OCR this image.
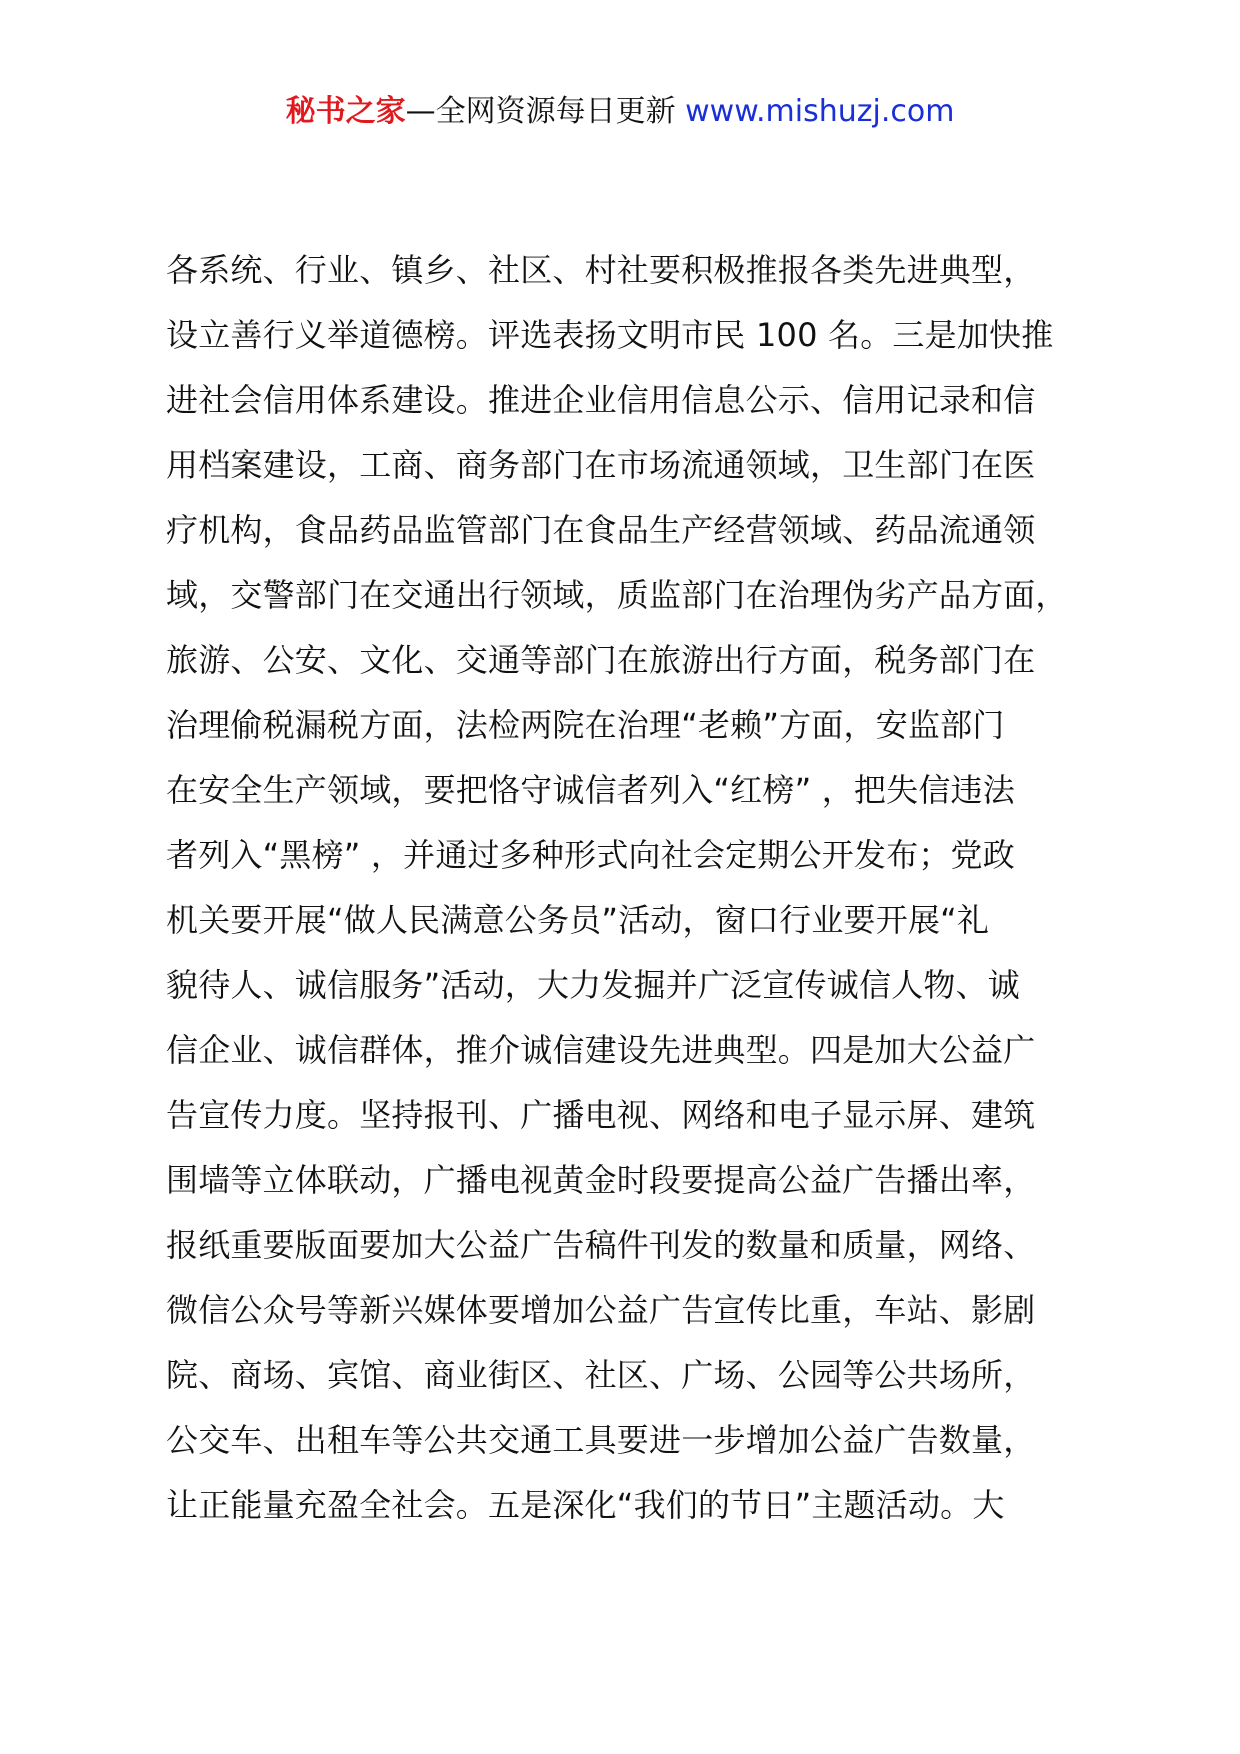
秘书之家—全网资源每日更新 www.mishuzj.com
各系统、行业、镇乡、社区、村社要积极推报各类先进典型，
设立善行义举道德榜。评选表扬文明市民 100 名。三是加快推
进社会信用体系建设。推进企业信用信息公示、信用记录和信
用档案建设，工商、商务部门在市场流通领域，卫生部门在医
疗机构，食品药品监管部门在食品生产经营领域、药品流通领
域，交警部门在交通出行领域，质监部门在治理伪劣产品方面，
旅游、公安、文化、交通等部门在旅游出行方面，税务部门在
治理偷税漏税方面，法检两院在治理“老赖”方面，安监部门
在安全生产领域，要把恪守诚信者列入“红榜” ，把失信违法
者列入“黑榜” ，并通过多种形式向社会定期公开发布；党政
机关要开展“做人民满意公务员”活动，窗口行业要开展“礼
貌待人、诚信服务”活动，大力发掘并广泛宣传诚信人物、诚
信企业、诚信群体，推介诚信建设先进典型。四是加大公益广
告宣传力度。坚持报刊、广播电视、网络和电子显示屏、建筑
围墙等立体联动，广播电视黄金时段要提高公益广告播出率，
报纸重要版面要加大公益广告稿件刊发的数量和质量，网络、
微信公众号等新兴媒体要增加公益广告宣传比重，车站、影剧
院、商场、宾馆、商业街区、社区、广场、公园等公共场所，
公交车、出租车等公共交通工具要进一步增加公益广告数量，
让正能量充盈全社会。五是深化“我们的节日”主题活动。大
